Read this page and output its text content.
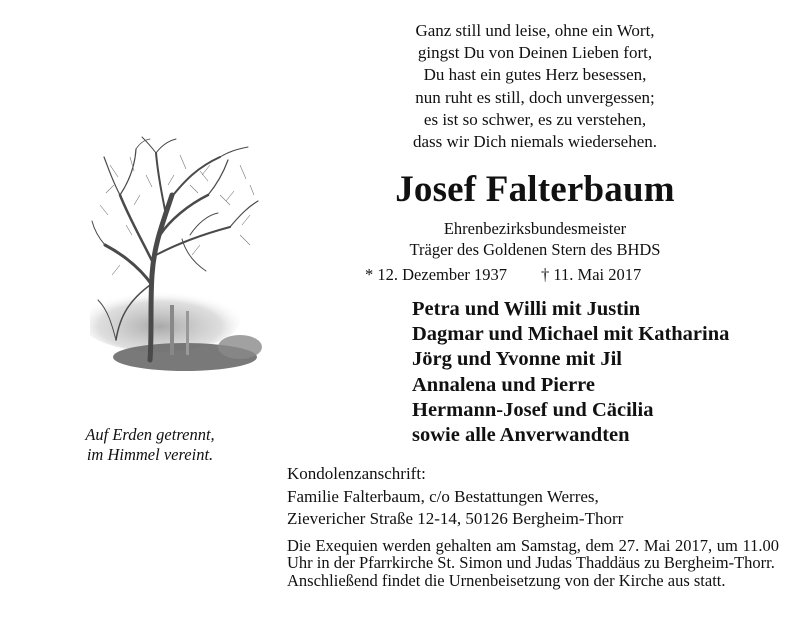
Ganz still und leise, ohne ein Wort,
gingst Du von Deinen Lieben fort,
Du hast ein gutes Herz besessen,
nun ruht es still, doch unvergessen;
es ist so schwer, es zu verstehen,
dass wir Dich niemals wiedersehen.
Josef Falterbaum
Ehrenbezirksbundesmeister
Träger des Goldenen Stern des BHDS
* 12. Dezember 1937 † 11. Mai 2017
Petra und Willi mit Justin
Dagmar und Michael mit Katharina
Jörg und Yvonne mit Jil
Annalena und Pierre
Hermann-Josef und Cäcilia
sowie alle Anverwandten
Auf Erden getrennt,
im Himmel vereint.
Kondolenzanschrift:
Familie Falterbaum, c/o Bestattungen Werres,
Zievericher Straße 12-14, 50126 Bergheim-Thorr
Die Exequien werden gehalten am Samstag, dem 27. Mai 2017, um 11.00 Uhr in der Pfarrkirche St. Simon und Judas Thaddäus zu Bergheim-Thorr.
Anschließend findet die Urnenbeisetzung von der Kirche aus statt.
